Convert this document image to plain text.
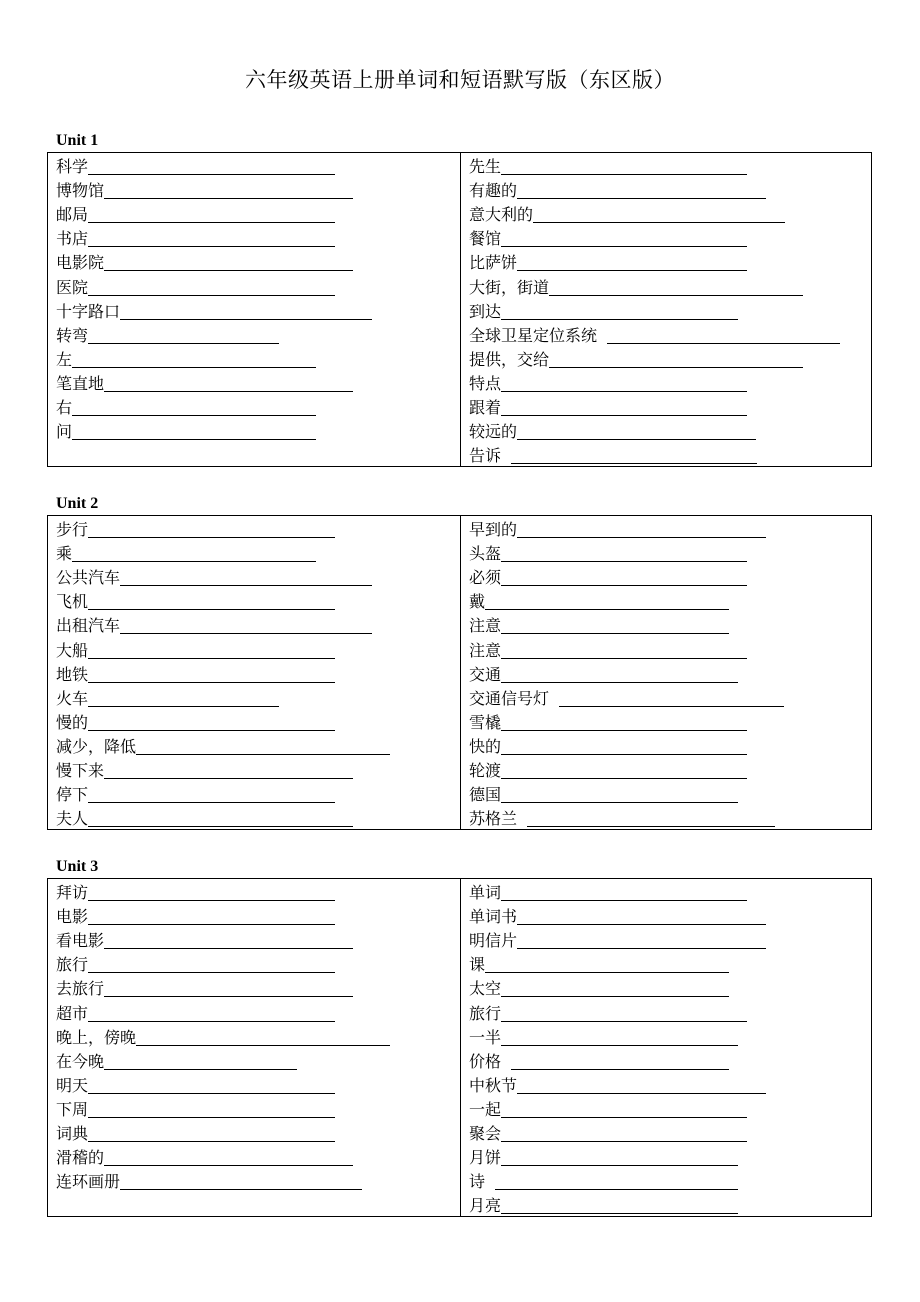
六年级英语上册单词和短语默写版（东区版）
Unit 1
科学
博物馆
邮局
书店
电影院
医院
十字路口
转弯
左
笔直地
右
问
先生
有趣的
意大利的
餐馆
比萨饼
大街，街道
到达
全球卫星定位系统
提供，交给
特点
跟着
较远的
告诉
Unit 2
步行
乘
公共汽车
飞机
出租汽车
大船
地铁
火车
慢的
减少，降低
慢下来
停下
夫人
早到的
头盔
必须
戴
注意
注意
交通
交通信号灯
雪橇
快的
轮渡
德国
苏格兰
Unit 3
拜访
电影
看电影
旅行
去旅行
超市
晚上，傍晚
在今晚
明天
下周
词典
滑稽的
连环画册
单词
单词书
明信片
课
太空
旅行
一半
价格
中秋节
一起
聚会
月饼
诗
月亮
